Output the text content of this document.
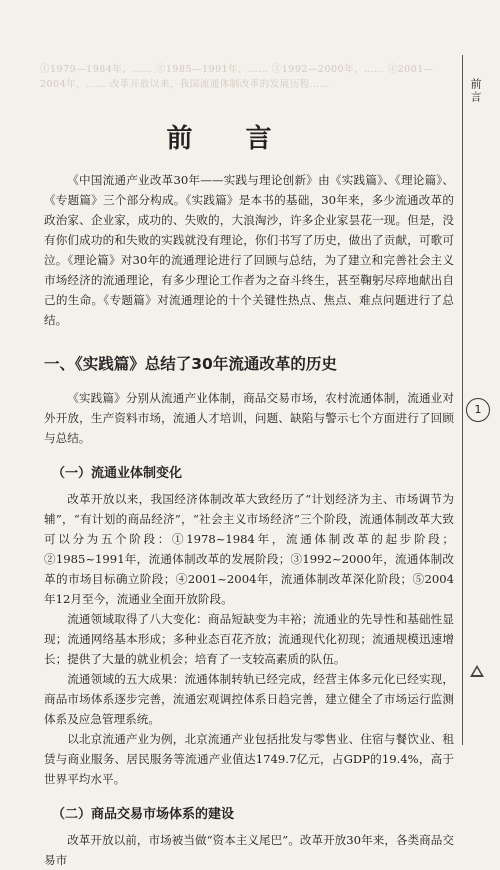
①1979—1984年，…… ②1985—1991年，…… ③1992—2000年，…… ④2001—2004年，…… 改革开放以来，我国流通体制改革的发展历程……	前言
1
前 言

《中国流通产业改革30年——实践与理论创新》由《实践篇》、《理论篇》、《专题篇》三个部分构成。《实践篇》是本书的基础，30年来，多少流通改革的政治家、企业家，成功的、失败的，大浪淘沙，许多企业家昙花一现。但是，没有你们成功的和失败的实践就没有理论，你们书写了历史，做出了贡献，可歌可泣。《理论篇》对30年的流通理论进行了回顾与总结，为了建立和完善社会主义市场经济的流通理论，有多少理论工作者为之奋斗终生，甚至鞠躬尽瘁地献出自己的生命。《专题篇》对流通理论的十个关键性热点、焦点、难点问题进行了总结。

一、《实践篇》总结了30年流通改革的历史

《实践篇》分别从流通产业体制，商品交易市场，农村流通体制，流通业对外开放，生产资料市场，流通人才培训，问题、缺陷与警示七个方面进行了回顾与总结。

（一）流通业体制变化

改革开放以来，我国经济体制改革大致经历了“计划经济为主、市场调节为辅”，“有计划的商品经济”，“社会主义市场经济”三个阶段，流通体制改革大致可以分为五个阶段：①1978~1984年，流通体制改革的起步阶段；②1985~1991年，流通体制改革的发展阶段；③1992~2000年，流通体制改革的市场目标确立阶段；④2001~2004年，流通体制改革深化阶段；⑤2004年12月至今，流通业全面开放阶段。

流通领域取得了八大变化：商品短缺变为丰裕；流通业的先导性和基础性显现；流通网络基本形成；多种业态百花齐放；流通现代化初现；流通规模迅速增长；提供了大量的就业机会；培育了一支较高素质的队伍。

流通领域的五大成果：流通体制转轨已经完成，经营主体多元化已经实现，商品市场体系逐步完善，流通宏观调控体系日趋完善，建立健全了市场运行监测体系及应急管理系统。

以北京流通产业为例，北京流通产业包括批发与零售业、住宿与餐饮业、租赁与商业服务、居民服务等流通产业值达1749.7亿元，占GDP的19.4%，高于世界平均水平。

（二）商品交易市场体系的建设

改革开放以前，市场被当做“资本主义尾巴”。改革开放30年来，各类商品交易市
